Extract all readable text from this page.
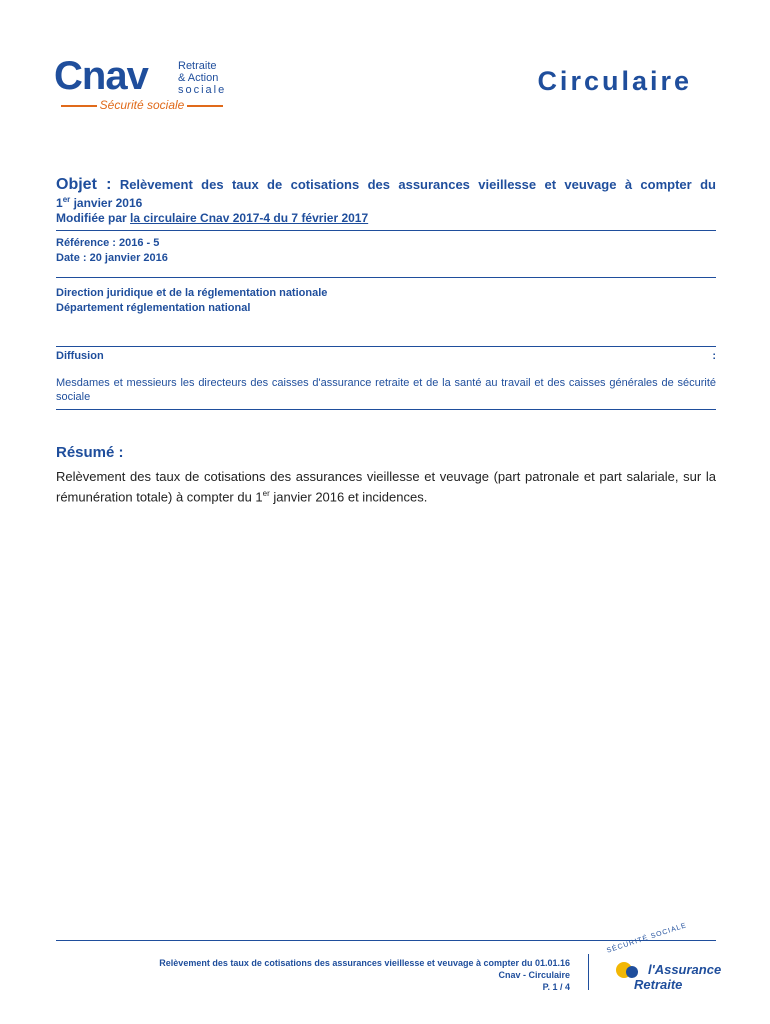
Cnav	Retraite
& Action
sociale
Sécurité sociale
Circulaire
Objet : Relèvement des taux de cotisations des assurances vieillesse et veuvage à compter du
1er janvier 2016
Modifiée par la circulaire Cnav 2017-4 du 7 février 2017
Référence : 2016 - 5
Date : 20 janvier 2016
Direction juridique et de la réglementation nationale
Département réglementation national
Diffusion	:
Mesdames et messieurs les directeurs des caisses d'assurance retraite et de la santé au travail et des caisses générales de sécurité sociale
Résumé :
Relèvement des taux de cotisations des assurances vieillesse et veuvage (part patronale et part salariale, sur la rémunération totale) à compter du 1er janvier 2016 et incidences.
Relèvement des taux de cotisations des assurances vieillesse et veuvage à compter du 01.01.16
Cnav - Circulaire
P. 1 / 4
SÉCURITÉ SOCIALE
l'Assurance
Retraite
